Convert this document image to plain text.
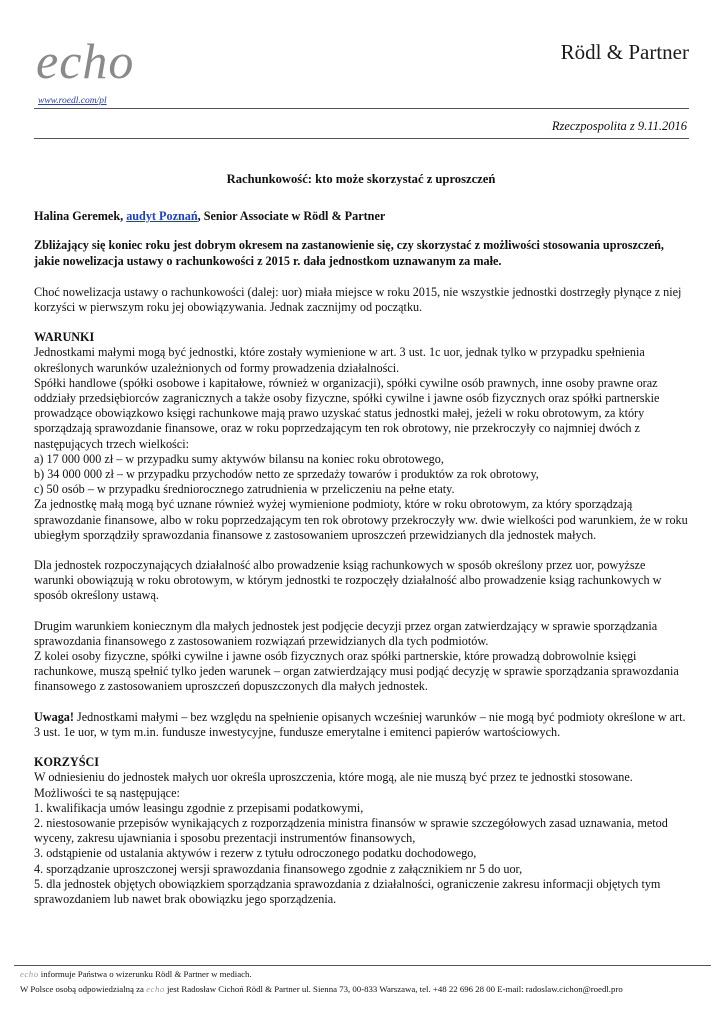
echo
www.roedl.com/pl
Rödl & Partner
Rzeczpospolita z 9.11.2016
Rachunkowość: kto może skorzystać z uproszczeń

Halina Geremek, audyt Poznań, Senior Associate w Rödl & Partner

Zbliżający się koniec roku jest dobrym okresem na zastanowienie się, czy skorzystać z możliwości stosowania uproszczeń, jakie nowelizacja ustawy o rachunkowości z 2015 r. dała jednostkom uznawanym za małe.

Choć nowelizacja ustawy o rachunkowości (dalej: uor) miała miejsce w roku 2015, nie wszystkie jednostki dostrzegły płynące z niej korzyści w pierwszym roku jej obowiązywania. Jednak zacznijmy od początku.

WARUNKI

Jednostkami małymi mogą być jednostki, które zostały wymienione w art. 3 ust. 1c uor, jednak tylko w przypadku spełnienia określonych warunków uzależnionych od formy prowadzenia działalności.

Spółki handlowe (spółki osobowe i kapitałowe, również w organizacji), spółki cywilne osób prawnych, inne osoby prawne oraz oddziały przedsiębiorców zagranicznych a także osoby fizyczne, spółki cywilne i jawne osób fizycznych oraz spółki partnerskie prowadzące obowiązkowo księgi rachunkowe mają prawo uzyskać status jednostki małej, jeżeli w roku obrotowym, za który sporządzają sprawozdanie finansowe, oraz w roku poprzedzającym ten rok obrotowy, nie przekroczyły co najmniej dwóch z następujących trzech wielkości:

a) 17 000 000 zł – w przypadku sumy aktywów bilansu na koniec roku obrotowego,

b) 34 000 000 zł – w przypadku przychodów netto ze sprzedaży towarów i produktów za rok obrotowy,

c) 50 osób – w przypadku średniorocznego zatrudnienia w przeliczeniu na pełne etaty.

Za jednostkę małą mogą być uznane również wyżej wymienione podmioty, które w roku obrotowym, za który sporządzają sprawozdanie finansowe, albo w roku poprzedzającym ten rok obrotowy przekroczyły ww. dwie wielkości pod warunkiem, że w roku ubiegłym sporządziły sprawozdania finansowe z zastosowaniem uproszczeń przewidzianych dla jednostek małych.

Dla jednostek rozpoczynających działalność albo prowadzenie ksiąg rachunkowych w sposób określony przez uor, powyższe warunki obowiązują w roku obrotowym, w którym jednostki te rozpoczęły działalność albo prowadzenie ksiąg rachunkowych w sposób określony ustawą.

Drugim warunkiem koniecznym dla małych jednostek jest podjęcie decyzji przez organ zatwierdzający w sprawie sporządzania sprawozdania finansowego z zastosowaniem rozwiązań przewidzianych dla tych podmiotów.

Z kolei osoby fizyczne, spółki cywilne i jawne osób fizycznych oraz spółki partnerskie, które prowadzą dobrowolnie księgi rachunkowe, muszą spełnić tylko jeden warunek – organ zatwierdzający musi podjąć decyzję w sprawie sporządzania sprawozdania finansowego z zastosowaniem uproszczeń dopuszczonych dla małych jednostek.

Uwaga! Jednostkami małymi – bez względu na spełnienie opisanych wcześniej warunków – nie mogą być podmioty określone w art. 3 ust. 1e uor, w tym m.in. fundusze inwestycyjne, fundusze emerytalne i emitenci papierów wartościowych.

KORZYŚCI

W odniesieniu do jednostek małych uor określa uproszczenia, które mogą, ale nie muszą być przez te jednostki stosowane. Możliwości te są następujące:

1. kwalifikacja umów leasingu zgodnie z przepisami podatkowymi,

2. niestosowanie przepisów wynikających z rozporządzenia ministra finansów w sprawie szczegółowych zasad uznawania, metod wyceny, zakresu ujawniania i sposobu prezentacji instrumentów finansowych,

3. odstąpienie od ustalania aktywów i rezerw z tytułu odroczonego podatku dochodowego,

4. sporządzanie uproszczonej wersji sprawozdania finansowego zgodnie z załącznikiem nr 5 do uor,

5. dla jednostek objętych obowiązkiem sporządzania sprawozdania z działalności, ograniczenie zakresu informacji objętych tym sprawozdaniem lub nawet brak obowiązku jego sporządzenia.

echo informuje Państwa o wizerunku Rödl & Partner w mediach.
W Polsce osobą odpowiedzialną za echo jest Radosław Cichoń Rödl & Partner ul. Sienna 73, 00-833 Warszawa, tel. +48 22 696 28 00 E-mail: radoslaw.cichon@roedl.pro
